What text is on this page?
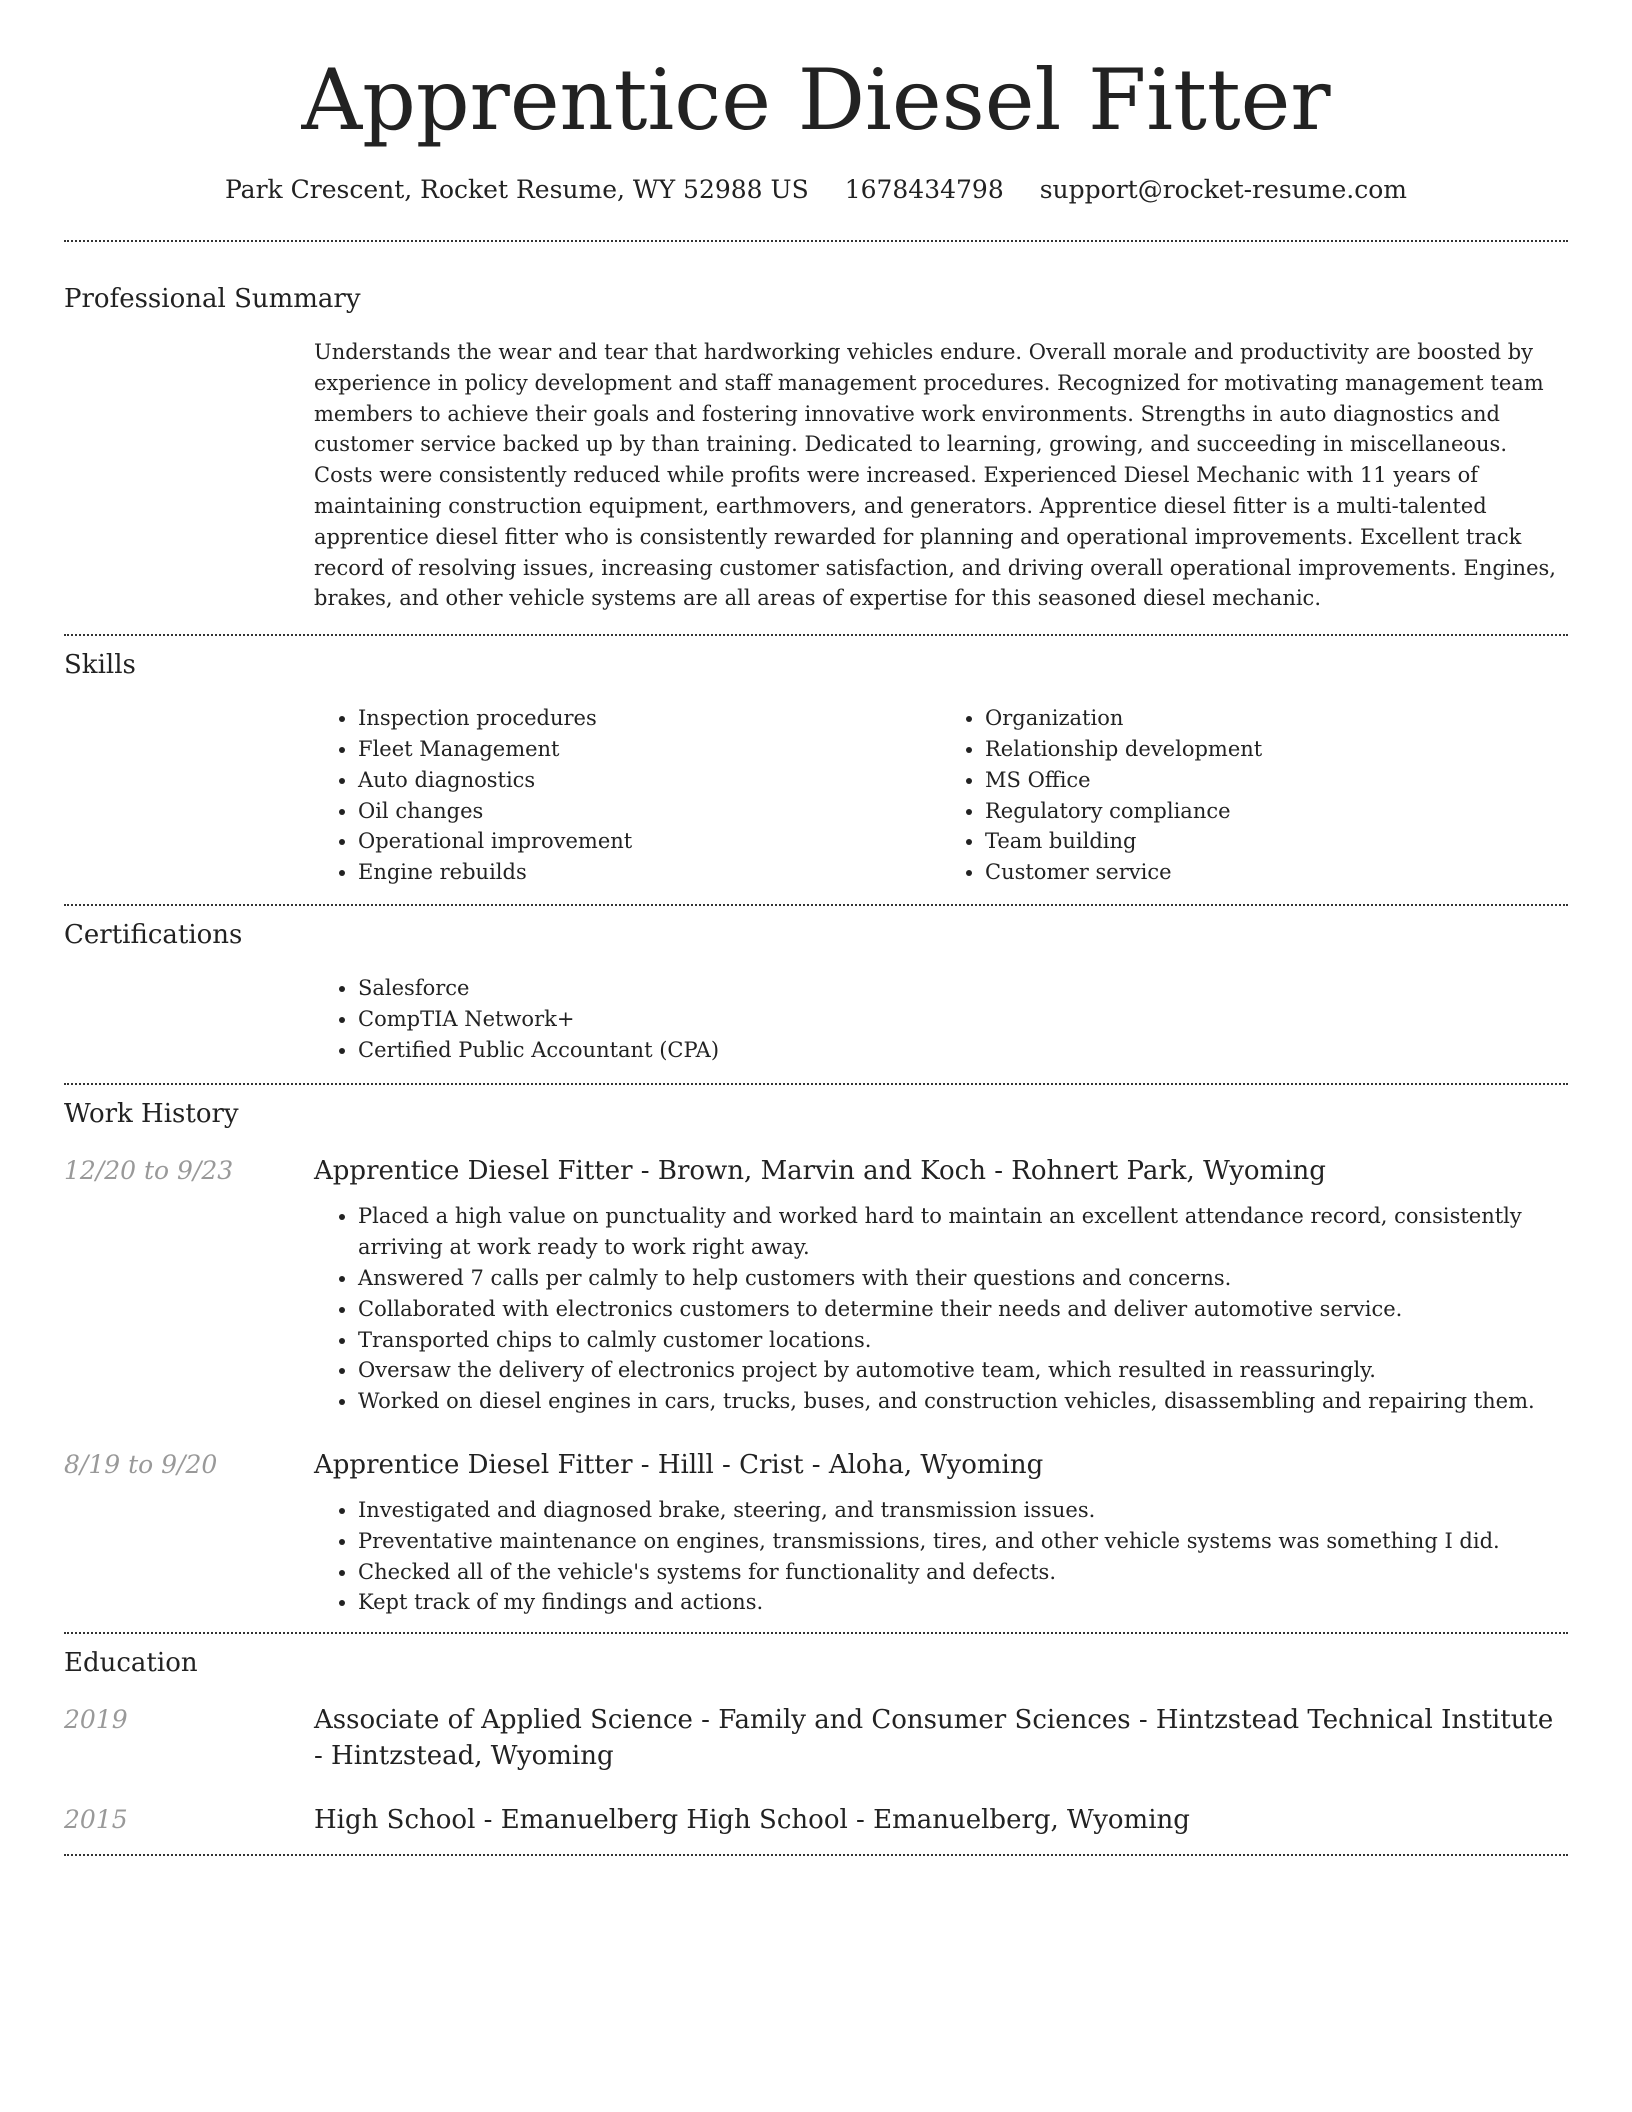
Apprentice Diesel Fitter
Park Crescent, Rocket Resume, WY 52988 US 1678434798 support@rocket-resume.com
Professional Summary

Understands the wear and tear that hardworking vehicles endure. Overall morale and productivity are boosted by experience in policy development and staff management procedures. Recognized for motivating management team members to achieve their goals and fostering innovative work environments. Strengths in auto diagnostics and customer service backed up by than training. Dedicated to learning, growing, and succeeding in miscellaneous. Costs were consistently reduced while profits were increased. Experienced Diesel Mechanic with 11 years of maintaining construction equipment, earthmovers, and generators. Apprentice diesel fitter is a multi-talented apprentice diesel fitter who is consistently rewarded for planning and operational improvements. Excellent track record of resolving issues, increasing customer satisfaction, and driving overall operational improvements. Engines, brakes, and other vehicle systems are all areas of expertise for this seasoned diesel mechanic.

Skills
• Inspection procedures
• Fleet Management
• Auto diagnostics
• Oil changes
• Operational improvement
• Engine rebuilds
• Organization
• Relationship development
• MS Office
• Regulatory compliance
• Team building
• Customer service
Certifications
• Salesforce
• CompTIA Network+
• Certified Public Accountant (CPA)
Work History
12/20 to 9/23	Apprentice Diesel Fitter - Brown, Marvin and Koch - Rohnert Park, Wyoming
• Placed a high value on punctuality and worked hard to maintain an excellent attendance record, consistently arriving at work ready to work right away.
• Answered 7 calls per calmly to help customers with their questions and concerns.
• Collaborated with electronics customers to determine their needs and deliver automotive service.
• Transported chips to calmly customer locations.
• Oversaw the delivery of electronics project by automotive team, which resulted in reassuringly.
• Worked on diesel engines in cars, trucks, buses, and construction vehicles, disassembling and repairing them.
8/19 to 9/20	Apprentice Diesel Fitter - Hilll - Crist - Aloha, Wyoming
• Investigated and diagnosed brake, steering, and transmission issues.
• Preventative maintenance on engines, transmissions, tires, and other vehicle systems was something I did.
• Checked all of the vehicle's systems for functionality and defects.
• Kept track of my findings and actions.
Education
2019	Associate of Applied Science - Family and Consumer Sciences - Hintzstead Technical Institute - Hintzstead, Wyoming
2015	High School - Emanuelberg High School - Emanuelberg, Wyoming
